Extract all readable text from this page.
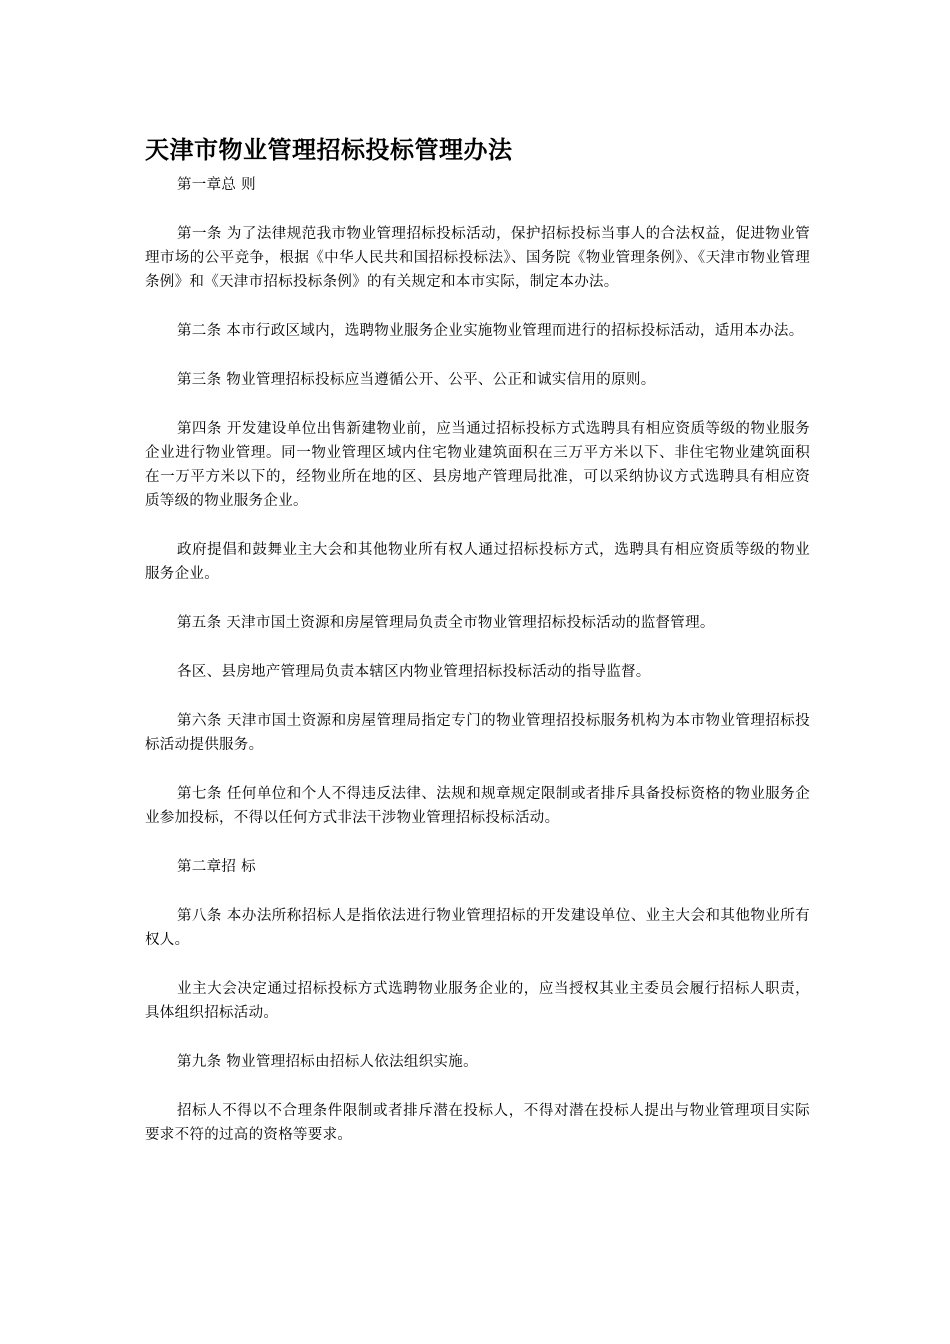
天津市物业管理招标投标管理办法

第一章总 则

第一条 为了法律规范我市物业管理招标投标活动，保护招标投标当事人的合法权益，促进物业管理市场的公平竞争，根据《中华人民共和国招标投标法》、国务院《物业管理条例》、《天津市物业管理条例》和《天津市招标投标条例》的有关规定和本市实际，制定本办法。

第二条 本市行政区域内，选聘物业服务企业实施物业管理而进行的招标投标活动，适用本办法。

第三条 物业管理招标投标应当遵循公开、公平、公正和诚实信用的原则。

第四条 开发建设单位出售新建物业前，应当通过招标投标方式选聘具有相应资质等级的物业服务企业进行物业管理。同一物业管理区域内住宅物业建筑面积在三万平方米以下、非住宅物业建筑面积在一万平方米以下的，经物业所在地的区、县房地产管理局批准，可以采纳协议方式选聘具有相应资质等级的物业服务企业。

政府提倡和鼓舞业主大会和其他物业所有权人通过招标投标方式，选聘具有相应资质等级的物业服务企业。

第五条 天津市国土资源和房屋管理局负责全市物业管理招标投标活动的监督管理。

各区、县房地产管理局负责本辖区内物业管理招标投标活动的指导监督。

第六条 天津市国土资源和房屋管理局指定专门的物业管理招投标服务机构为本市物业管理招标投标活动提供服务。

第七条 任何单位和个人不得违反法律、法规和规章规定限制或者排斥具备投标资格的物业服务企业参加投标，不得以任何方式非法干涉物业管理招标投标活动。

第二章招 标

第八条 本办法所称招标人是指依法进行物业管理招标的开发建设单位、业主大会和其他物业所有权人。

业主大会决定通过招标投标方式选聘物业服务企业的，应当授权其业主委员会履行招标人职责，具体组织招标活动。

第九条 物业管理招标由招标人依法组织实施。

招标人不得以不合理条件限制或者排斥潜在投标人，不得对潜在投标人提出与物业管理项目实际要求不符的过高的资格等要求。
